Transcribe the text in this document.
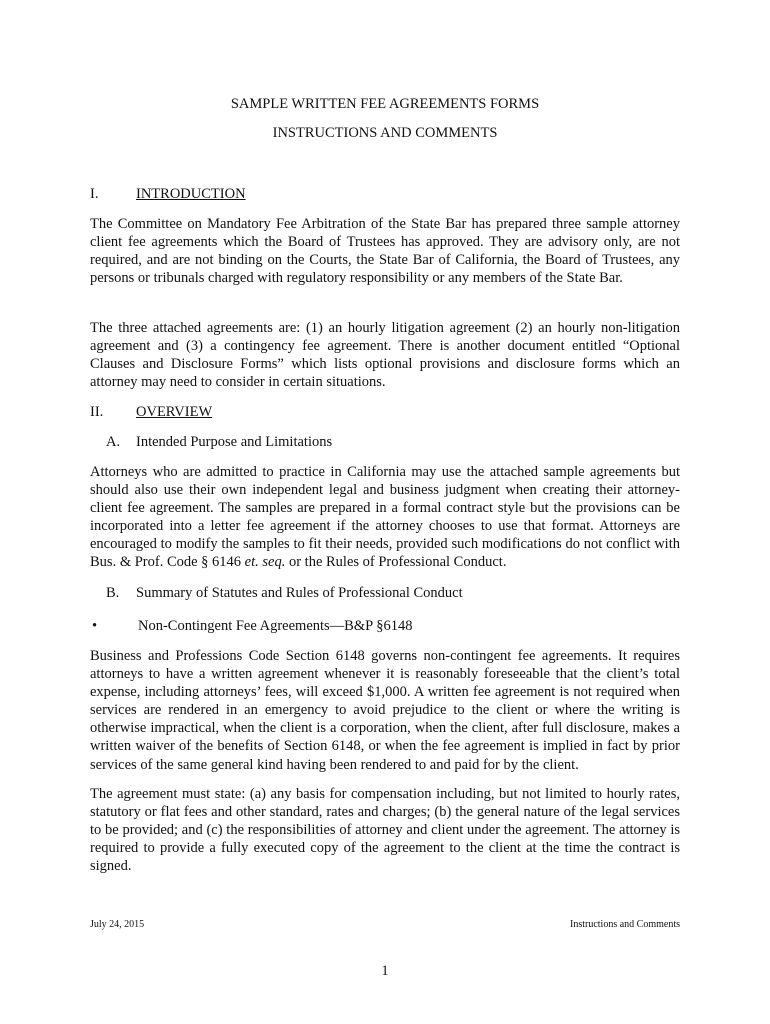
SAMPLE WRITTEN FEE AGREEMENTS FORMS
INSTRUCTIONS AND COMMENTS
I.	INTRODUCTION
The Committee on Mandatory Fee Arbitration of the State Bar has prepared three sample attorney client fee agreements which the Board of Trustees has approved. They are advisory only, are not required, and are not binding on the Courts, the State Bar of California, the Board of Trustees, any persons or tribunals charged with regulatory responsibility or any members of the State Bar.
The three attached agreements are: (1) an hourly litigation agreement (2) an hourly non-litigation agreement and (3) a contingency fee agreement. There is another document entitled “Optional Clauses and Disclosure Forms” which lists optional provisions and disclosure forms which an attorney may need to consider in certain situations.
II. OVERVIEW
A. Intended Purpose and Limitations
Attorneys who are admitted to practice in California may use the attached sample agreements but should also use their own independent legal and business judgment when creating their attorney-client fee agreement. The samples are prepared in a formal contract style but the provisions can be incorporated into a letter fee agreement if the attorney chooses to use that format. Attorneys are encouraged to modify the samples to fit their needs, provided such modifications do not conflict with Bus. & Prof. Code § 6146 et. seq. or the Rules of Professional Conduct.
B. Summary of Statutes and Rules of Professional Conduct
•	Non-Contingent Fee Agreements—B&P §6148
Business and Professions Code Section 6148 governs non-contingent fee agreements. It requires attorneys to have a written agreement whenever it is reasonably foreseeable that the client’s total expense, including attorneys’ fees, will exceed $1,000. A written fee agreement is not required when services are rendered in an emergency to avoid prejudice to the client or where the writing is otherwise impractical, when the client is a corporation, when the client, after full disclosure, makes a written waiver of the benefits of Section 6148, or when the fee agreement is implied in fact by prior services of the same general kind having been rendered to and paid for by the client.
The agreement must state: (a) any basis for compensation including, but not limited to hourly rates, statutory or flat fees and other standard, rates and charges; (b) the general nature of the legal services to be provided; and (c) the responsibilities of attorney and client under the agreement. The attorney is required to provide a fully executed copy of the agreement to the client at the time the contract is signed.
July 24, 2015	Instructions and Comments
1
